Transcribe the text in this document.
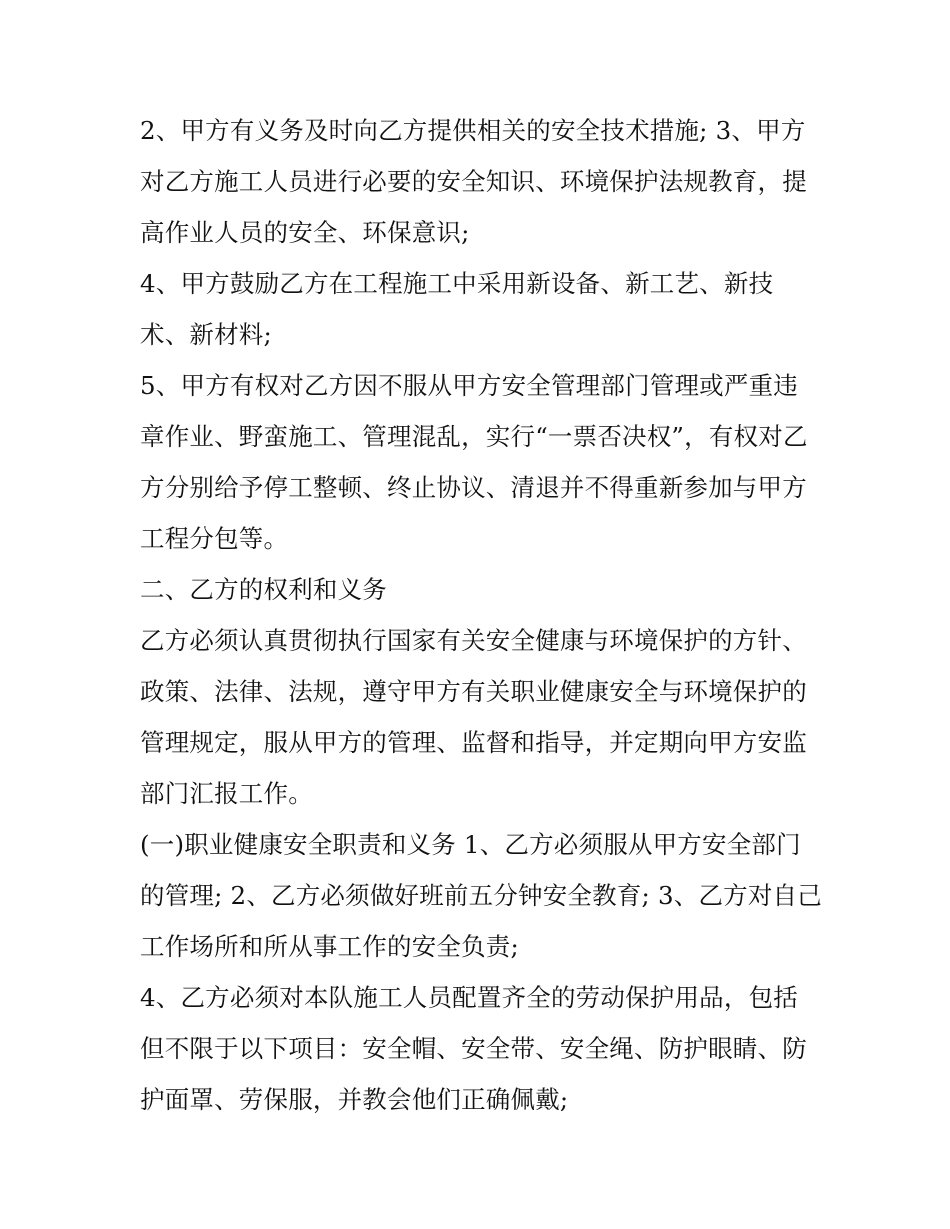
2、甲方有义务及时向乙方提供相关的安全技术措施; 3、甲方
对乙方施工人员进行必要的安全知识、环境保护法规教育，提
高作业人员的安全、环保意识;
4、甲方鼓励乙方在工程施工中采用新设备、新工艺、新技
术、新材料;
5、甲方有权对乙方因不服从甲方安全管理部门管理或严重违
章作业、野蛮施工、管理混乱，实行“一票否决权”，有权对乙
方分别给予停工整顿、终止协议、清退并不得重新参加与甲方
工程分包等。
二、乙方的权利和义务
乙方必须认真贯彻执行国家有关安全健康与环境保护的方针、
政策、法律、法规，遵守甲方有关职业健康安全与环境保护的
管理规定，服从甲方的管理、监督和指导，并定期向甲方安监
部门汇报工作。
(一)职业健康安全职责和义务 1、乙方必须服从甲方安全部门
的管理; 2、乙方必须做好班前五分钟安全教育; 3、乙方对自己
工作场所和所从事工作的安全负责;
4、乙方必须对本队施工人员配置齐全的劳动保护用品，包括
但不限于以下项目：安全帽、安全带、安全绳、防护眼睛、防
护面罩、劳保服，并教会他们正确佩戴;
